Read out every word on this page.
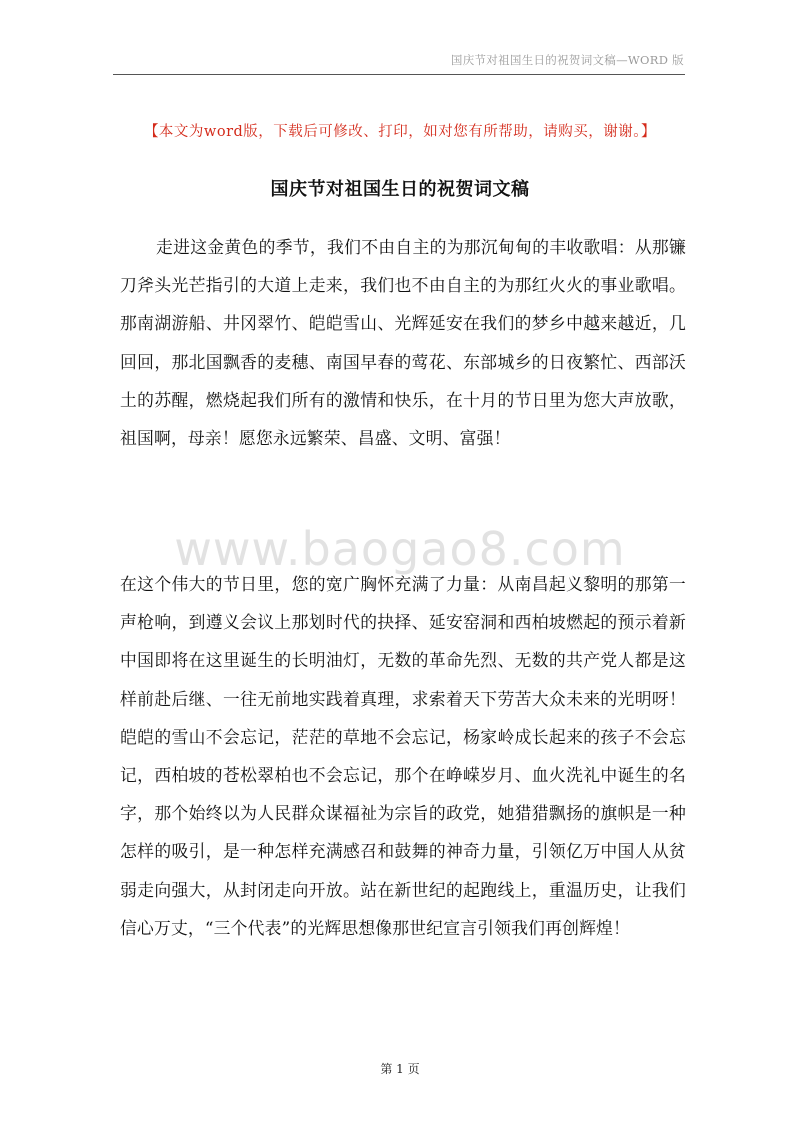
国庆节对祖国生日的祝贺词文稿—WORD 版
【本文为word版，下载后可修改、打印，如对您有所帮助，请购买，谢谢。】
国庆节对祖国生日的祝贺词文稿

走进这金黄色的季节，我们不由自主的为那沉甸甸的丰收歌唱：从那镰刀斧头光芒指引的大道上走来，我们也不由自主的为那红火火的事业歌唱。那南湖游船、井冈翠竹、皑皑雪山、光辉延安在我们的梦乡中越来越近，几回回，那北国飘香的麦穗、南国早春的莺花、东部城乡的日夜繁忙、西部沃土的苏醒，燃烧起我们所有的激情和快乐，在十月的节日里为您大声放歌，祖国啊，母亲！愿您永远繁荣、昌盛、文明、富强！

www.baogao8.com

在这个伟大的节日里，您的宽广胸怀充满了力量：从南昌起义黎明的那第一声枪响，到遵义会议上那划时代的抉择、延安窑洞和西柏坡燃起的预示着新中国即将在这里诞生的长明油灯，无数的革命先烈、无数的共产党人都是这样前赴后继、一往无前地实践着真理，求索着天下劳苦大众未来的光明呀！皑皑的雪山不会忘记，茫茫的草地不会忘记，杨家岭成长起来的孩子不会忘记，西柏坡的苍松翠柏也不会忘记，那个在峥嵘岁月、血火洗礼中诞生的名字，那个始终以为人民群众谋福祉为宗旨的政党，她猎猎飘扬的旗帜是一种怎样的吸引，是一种怎样充满感召和鼓舞的神奇力量，引领亿万中国人从贫弱走向强大，从封闭走向开放。站在新世纪的起跑线上，重温历史，让我们信心万丈，“三个代表”的光辉思想像那世纪宣言引领我们再创辉煌！

第 1 页
